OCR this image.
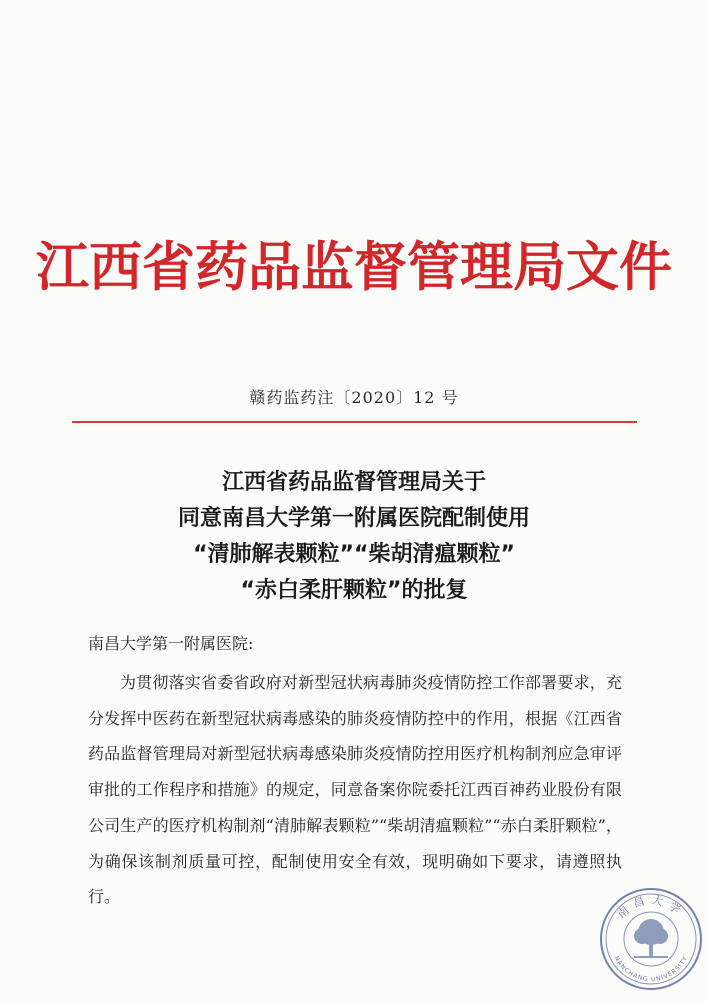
江西省药品监督管理局文件
赣药监药注〔2020〕12 号
江西省药品监督管理局关于
同意南昌大学第一附属医院配制使用
“清肺解表颗粒”“柴胡清瘟颗粒”
“赤白柔肝颗粒”的批复
南昌大学第一附属医院:
为贯彻落实省委省政府对新型冠状病毒肺炎疫情防控工作部署要求，充分发挥中医药在新型冠状病毒感染的肺炎疫情防控中的作用，根据《江西省药品监督管理局对新型冠状病毒感染肺炎疫情防控用医疗机构制剂应急审评审批的工作程序和措施》的规定，同意备案你院委托江西百神药业股份有限公司生产的医疗机构制剂“清肺解表颗粒”“柴胡清瘟颗粒”“赤白柔肝颗粒”，为确保该制剂质量可控，配制使用安全有效，现明确如下要求，请遵照执行。
南昌大学
NANCHANG UNIVERSITY
